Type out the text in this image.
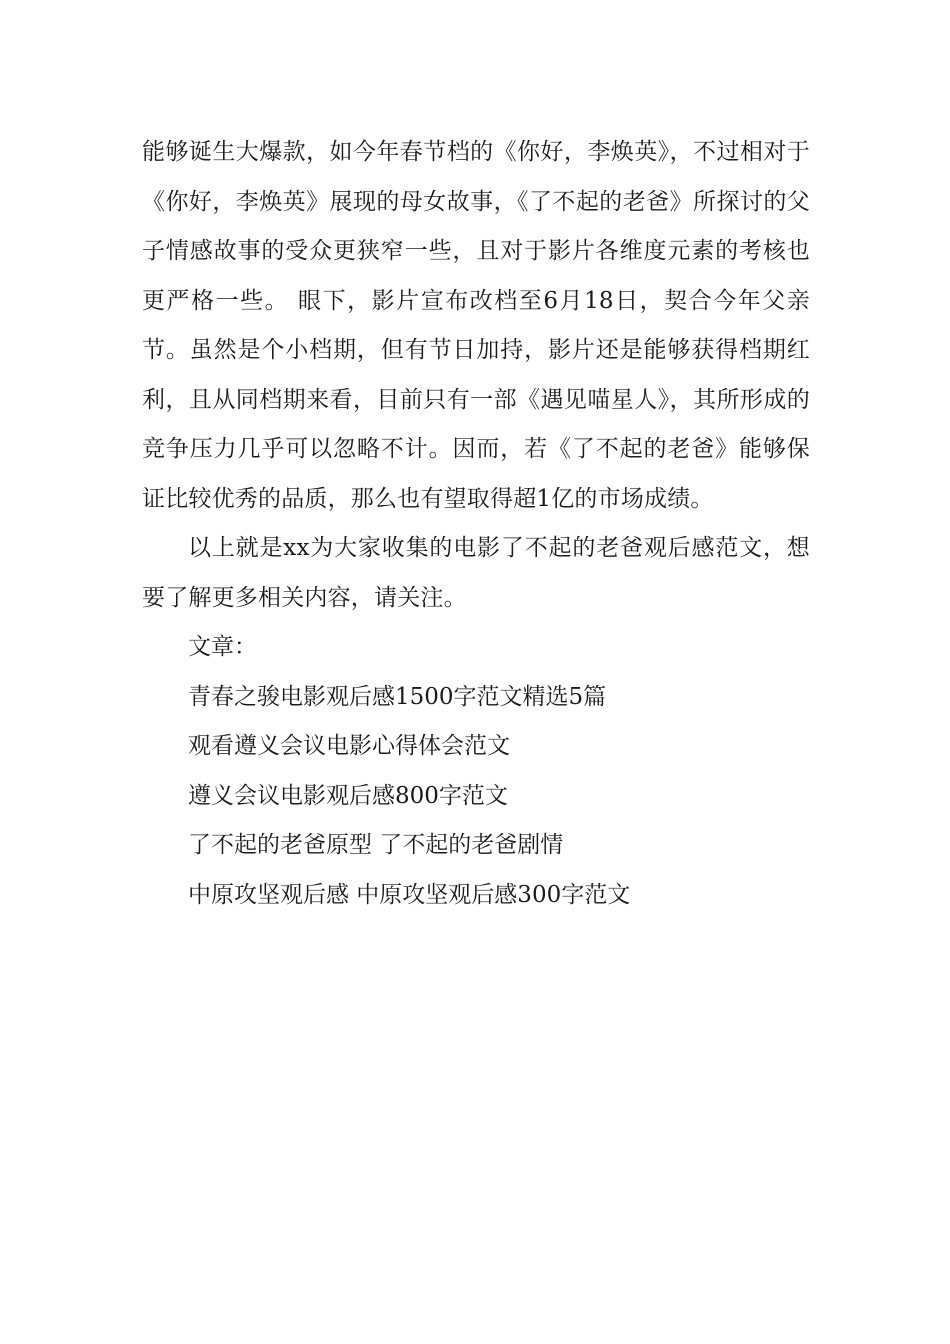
能够诞生大爆款，如今年春节档的《你好，李焕英》，不过相对于《你好，李焕英》展现的母女故事，《了不起的老爸》所探讨的父子情感故事的受众更狭窄一些，且对于影片各维度元素的考核也更严格一些。 眼下，影片宣布改档至6月18日，契合今年父亲节。虽然是个小档期，但有节日加持，影片还是能够获得档期红利，且从同档期来看，目前只有一部《遇见喵星人》，其所形成的竞争压力几乎可以忽略不计。因而，若《了不起的老爸》能够保证比较优秀的品质，那么也有望取得超1亿的市场成绩。

以上就是xx为大家收集的电影了不起的老爸观后感范文，想要了解更多相关内容，请关注。

文章：
青春之骏电影观后感1500字范文精选5篇
观看遵义会议电影心得体会范文
遵义会议电影观后感800字范文
了不起的老爸原型 了不起的老爸剧情
中原攻坚观后感 中原攻坚观后感300字范文
